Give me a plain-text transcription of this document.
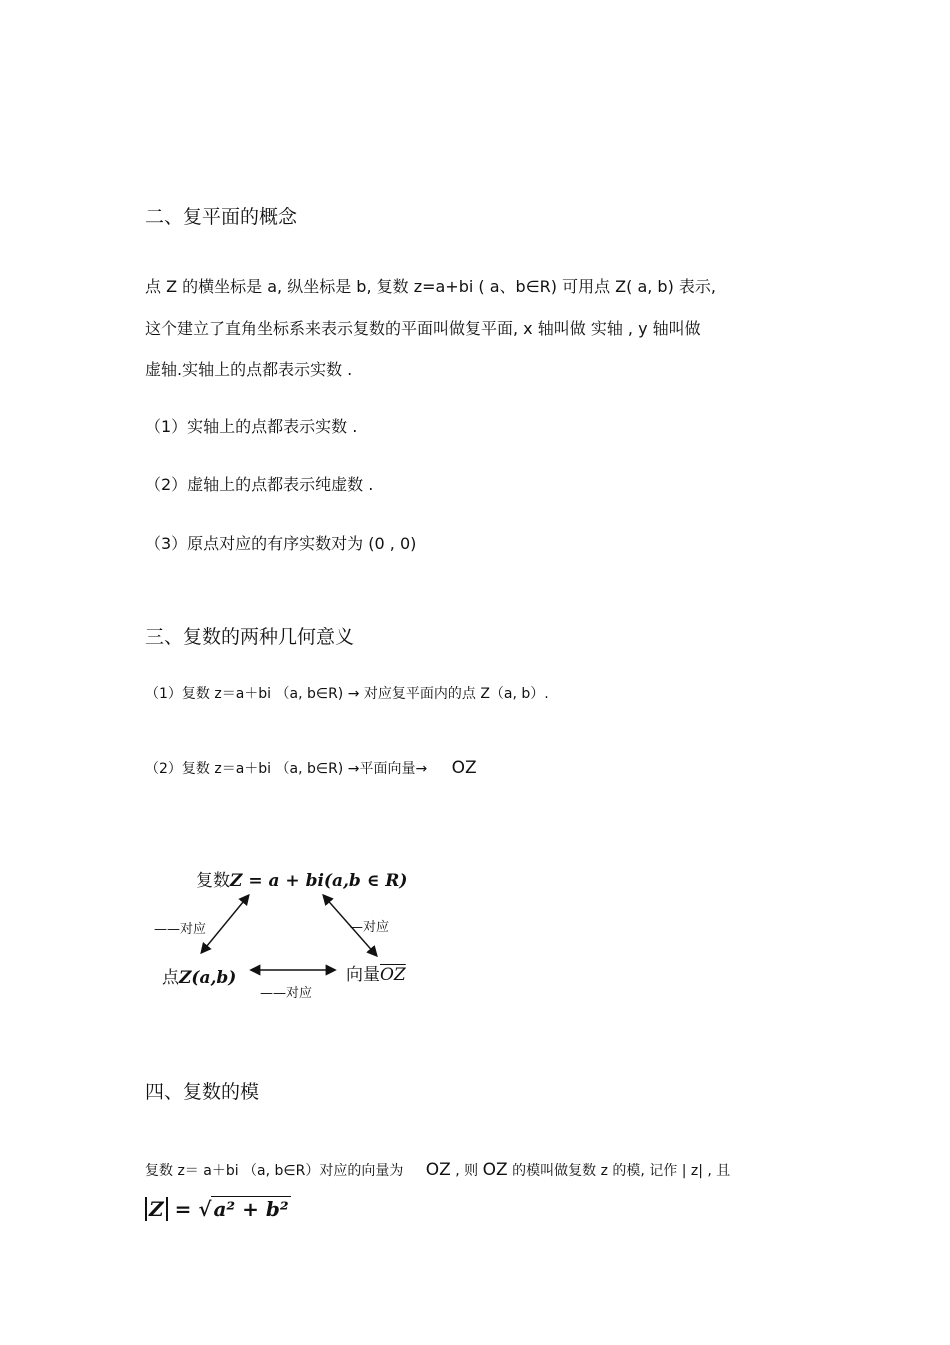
二、复平面的概念
点 Z 的横坐标是 a, 纵坐标是 b, 复数 z=a+bi ( a、b∈R) 可用点 Z( a, b) 表示,
这个建立了直角坐标系来表示复数的平面叫做复平面, x 轴叫做 实轴 , y 轴叫做
虚轴.实轴上的点都表示实数 .
（1）实轴上的点都表示实数 .
（2）虚轴上的点都表示纯虚数 .
（3）原点对应的有序实数对为 (0 , 0)
三、复数的两种几何意义
（1）复数 z＝a＋bi （a, b∈R) → 对应复平面内的点 Z（a, b）.
（2）复数 z＝a＋bi （a, b∈R) →平面向量→ OZ
复数Z = a + bi(a,b ∈ R)
点Z(a,b)	向量$\overline{OZ}$
——对应	—对应
——对应
四、复数的模
复数 z＝ a＋bi （a, b∈R）对应的向量为 OZ , 则 OZ 的模叫做复数 z 的模, 记作 | z| , 且
Z = √ a² + b²
